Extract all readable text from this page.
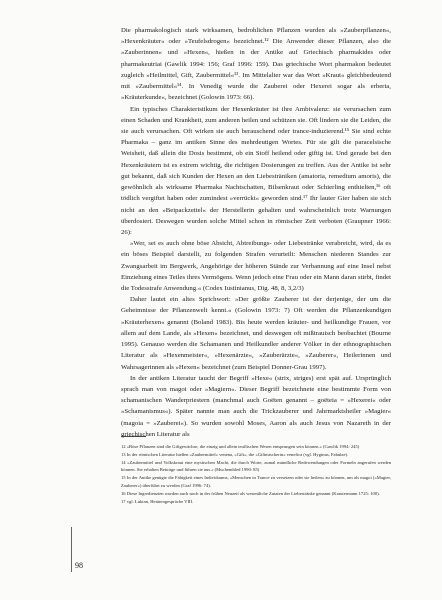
Die pharmakologisch stark wirksamen, bedrohlichen Pflanzen wurden als »Zauberpflanzen«, »Hexenkräuter« oder »Teufelsdrogen« bezeichnet.¹² Die Anwender dieser Pflanzen, also die »Zauberinnen« und »Hexen«, hießen in der Antike auf Griechisch pharmakides oder pharmakeutriai (Gawlik 1994: 156; Graf 1996: 159). Das griechische Wort pharmakon bedeutet zugleich »Heilmittel, Gift, Zaubermittel«¹³. Im Mittelalter war das Wort »Kraut« gleichbedeutend mit »Zaubermittel«¹⁴. In Venedig wurde die Zauberei oder Hexerei sogar als erberia, »Kräuterkunde«, bezeichnet (Golowin 1973: 66).

Ein typisches Charakteristikum der Hexenkräuter ist ihre Ambivalenz: sie verursachen zum einen Schaden und Krankheit, zum anderen heilen und schützen sie. Oft lindern sie die Leiden, die sie auch verursachen. Oft wirken sie auch berauschend oder trance-induzierend.¹⁵ Sie sind echte Pharmaka – ganz im antiken Sinne des mehrdeutigen Wortes. Für sie gilt die paracelsische Weisheit, daß allein die Dosis bestimmt, ob ein Stoff heilend oder giftig ist. Und gerade bei den Hexenkräutern ist es extrem wichtig, die richtigen Dosierungen zu treffen. Aus der Antike ist sehr gut bekannt, daß sich Kunden der Hexen an den Liebesträniken (amatoria, remedium amoris), die gewöhnlich als wirksame Pharmaka Nachtschatten, Bilsenkraut oder Schierling enthielten,¹⁶ oft tödlich vergiftet haben oder zumindest »verrückt« geworden sind.¹⁷ Ihr lauter Gier haben sie sich nicht an den »Beipackzettel« der Herstellerin gehalten und wahrscheinlich trotz Warnungen überdosiert. Deswegen wurden solche Mittel schon in römischer Zeit verboten (Graupner 1966: 26):

»Wer, sei es auch ohne böse Absicht, Abtreibungs- oder Liebestränke verabreicht, wird, da es ein böses Beispiel darstellt, zu folgenden Strafen verurteilt: Menschen niederen Standes zur Zwangsarbeit im Bergwerk, Angehörige der höheren Stände zur Verbannung auf eine Insel nebst Einziehung eines Teiles ihres Vermögens. Wenn jedoch eine Frau oder ein Mann daran stirbt, findet die Todesstrafe Anwendung.« (Codex Iustinianus, Dig. 48, 8, 3,2/3)

Daher lautet ein altes Sprichwort: »Der größte Zauberer ist der derjenige, der um die Geheimnisse der Pflanzenwelt kennt.« (Golowin 1973: 7) Oft werden die Pflanzenkundigen »Kräuterhexen« genannt (Boland 1983). Bis heute werden kräuter- und heilkundige Frauen, vor allem auf dem Lande, als »Hexen« bezeichnet, und deswegen oft mißtrauisch beobachtet (Bourne 1995). Genauso werden die Schamanen und Heilkundler anderer Völker in der ethnographischen Literatur als »Hexenmeister«, »Hexenärzte«, »Zauberärzte«, »Zauberer«, Heilerinnen und Wahrsagerinnen als »Hexen« bezeichnet (zum Beispiel Donner-Grau 1997).

In der antiken Literatur taucht der Begriff »Hexe« (strix, striges) erst spät auf. Ursprünglich sprach man von magoi oder »Magiern«. Dieser Begriff bezeichnete eine bestimmte Form von schamanischen Wanderpriestern (manchmal auch Goëten genannt – goëteia = »Hexerei« oder »Schamanismus«). Später nannte man auch die Trickzauberer und Jahrmarktsheiler »Magier« (magoia = »Zauberei«). So wurden sowohl Moses, Aaron als auch Jesus von Nazareth in der griechischen Literatur als

12 »Böse Pflanzen sind die Giftgewächse, die einzig und allein teuflischen Wesen entsprungen sein können.« (Gawlik 1994: 245)

13 In der römischen Literatur hießen »Zaubermittel« venena, »Gift«, die »Giftmischerin« venefica (vgl. Hyginus, Fabulae).

14 »Zaubermittel und Volkskraut eine mystischen Macht, die durch Worte, zumal mündliche Redewendungen oder Formeln angerufen werden können. Sie erhalten Beiträge und führen sie aus.« (Muchembled 1990: 85)

15 In der Antike genügte die Fähigkeit eines Individuums, »Menschen in Trance zu versetzen oder sie heilen« zu können, um als magoi (»Magier, Zauberer«) überführt zu werden (Graf 1996: 74).

16 Diese Ingredienzien wurden auch noch in der frühen Neuzeit als wesentliche Zutaten der Liebestränke genannt (Krautermann 1725: 100).

17 vgl. Lukian, Hetärengespräche VIII.

98
